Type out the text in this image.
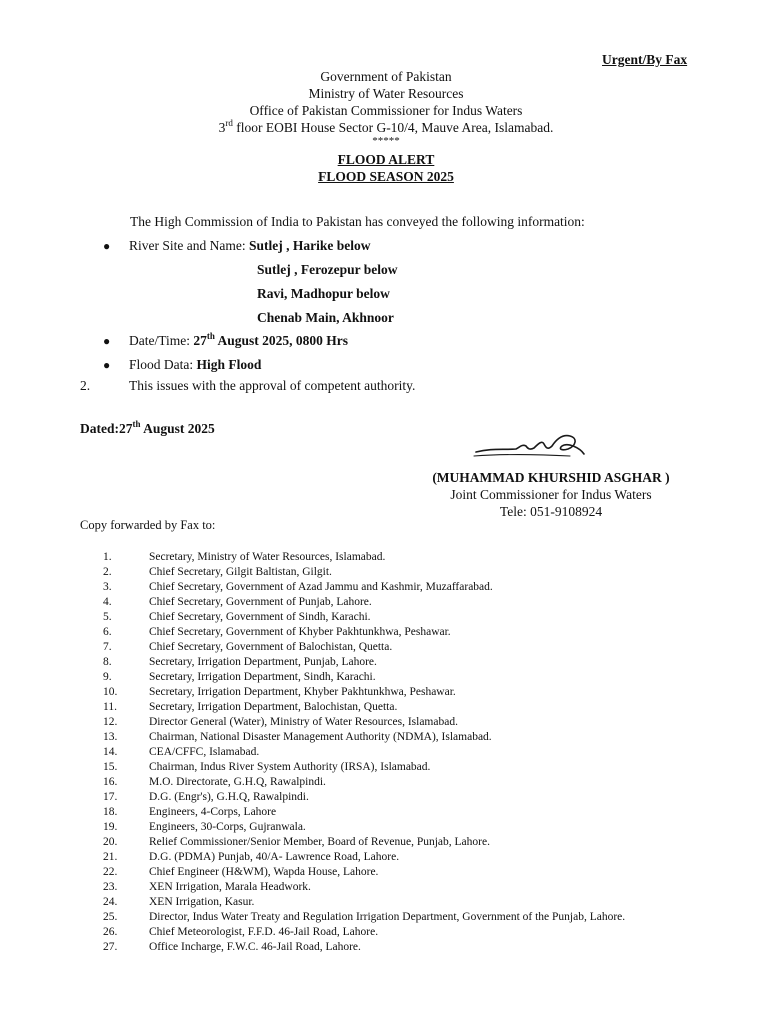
Urgent/By Fax
Government of Pakistan
Ministry of Water Resources
Office of Pakistan Commissioner for Indus Waters
3rd floor EOBI House Sector G-10/4, Mauve Area, Islamabad.
*****
FLOOD ALERT
FLOOD SEASON 2025
The High Commission of India to Pakistan has conveyed the following information:
● River Site and Name: Sutlej , Harike below
Sutlej , Ferozepur below
Ravi, Madhopur below
Chenab Main, Akhnoor
● Date/Time: 27th August 2025, 0800 Hrs
● Flood Data: High Flood
2.	This issues with the approval of competent authority.
Dated:27th August 2025
(MUHAMMAD KHURSHID ASGHAR )
Joint Commissioner for Indus Waters
Tele: 051-9108924
Copy forwarded by Fax to:
1.	Secretary, Ministry of Water Resources, Islamabad.
2.	Chief Secretary, Gilgit Baltistan, Gilgit.
3.	Chief Secretary, Government of Azad Jammu and Kashmir, Muzaffarabad.
4.	Chief Secretary, Government of Punjab, Lahore.
5.	Chief Secretary, Government of Sindh, Karachi.
6.	Chief Secretary, Government of Khyber Pakhtunkhwa, Peshawar.
7.	Chief Secretary, Government of Balochistan, Quetta.
8.	Secretary, Irrigation Department, Punjab, Lahore.
9.	Secretary, Irrigation Department, Sindh, Karachi.
10.	Secretary, Irrigation Department, Khyber Pakhtunkhwa, Peshawar.
11.	Secretary, Irrigation Department, Balochistan, Quetta.
12.	Director General (Water), Ministry of Water Resources, Islamabad.
13.	Chairman, National Disaster Management Authority (NDMA), Islamabad.
14.	CEA/CFFC, Islamabad.
15.	Chairman, Indus River System Authority (IRSA), Islamabad.
16.	M.O. Directorate, G.H.Q, Rawalpindi.
17.	D.G. (Engr's), G.H.Q, Rawalpindi.
18.	Engineers, 4-Corps, Lahore
19.	Engineers, 30-Corps, Gujranwala.
20.	Relief Commissioner/Senior Member, Board of Revenue, Punjab, Lahore.
21.	D.G. (PDMA) Punjab, 40/A- Lawrence Road, Lahore.
22.	Chief Engineer (H&WM), Wapda House, Lahore.
23.	XEN Irrigation, Marala Headwork.
24.	XEN Irrigation, Kasur.
25.	Director, Indus Water Treaty and Regulation Irrigation Department, Government of the Punjab, Lahore.
26.	Chief Meteorologist, F.F.D. 46-Jail Road, Lahore.
27.	Office Incharge, F.W.C. 46-Jail Road, Lahore.
